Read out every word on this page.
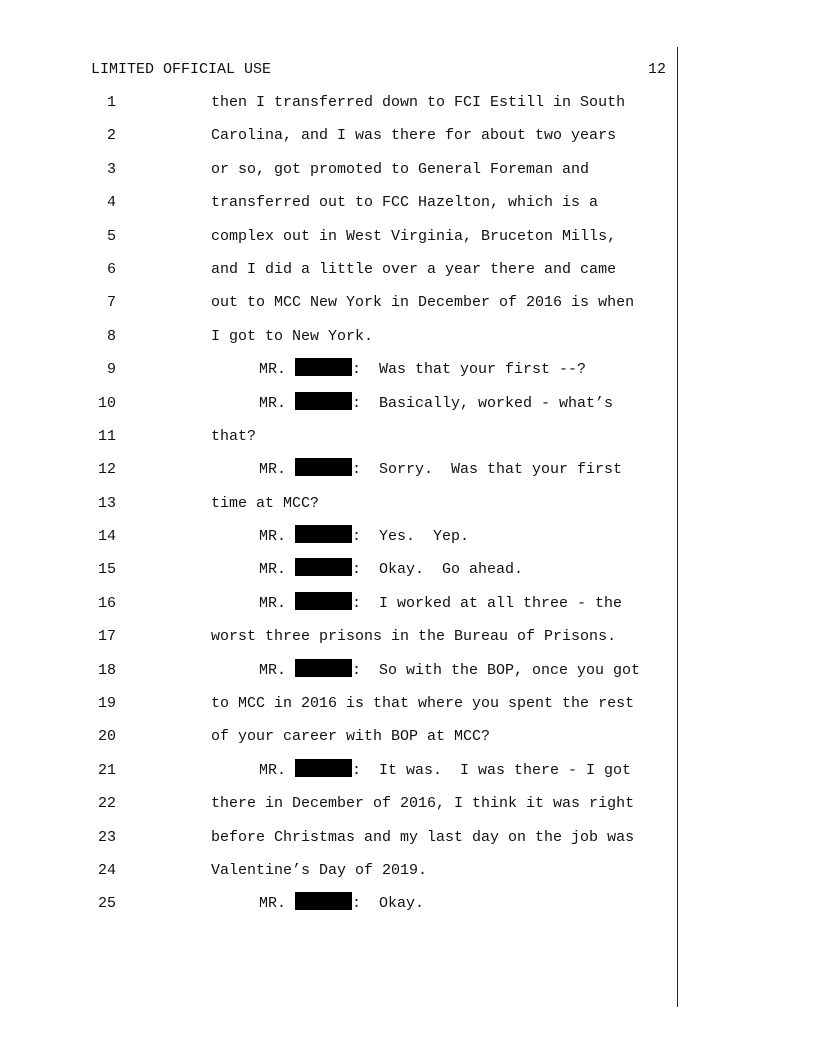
LIMITED OFFICIAL USE	12
1	then I transferred down to FCI Estill in South
2	Carolina, and I was there for about two years
3	or so, got promoted to General Foreman and
4	transferred out to FCC Hazelton, which is a
5	complex out in West Virginia, Bruceton Mills,
6	and I did a little over a year there and came
7	out to MCC New York in December of 2016 is when
8	I got to New York.
9	MR.	:  Was that your first --?
10	MR.	:  Basically, worked - what’s
11	that?
12	MR.	:  Sorry.  Was that your first
13	time at MCC?
14	MR.	:  Yes.  Yep.
15	MR.	:  Okay.  Go ahead.
16	MR.	:  I worked at all three - the
17	worst three prisons in the Bureau of Prisons.
18	MR.	:  So with the BOP, once you got
19	to MCC in 2016 is that where you spent the rest
20	of your career with BOP at MCC?
21	MR.	:  It was.  I was there - I got
22	there in December of 2016, I think it was right
23	before Christmas and my last day on the job was
24	Valentine’s Day of 2019.
25	MR.	:  Okay.
